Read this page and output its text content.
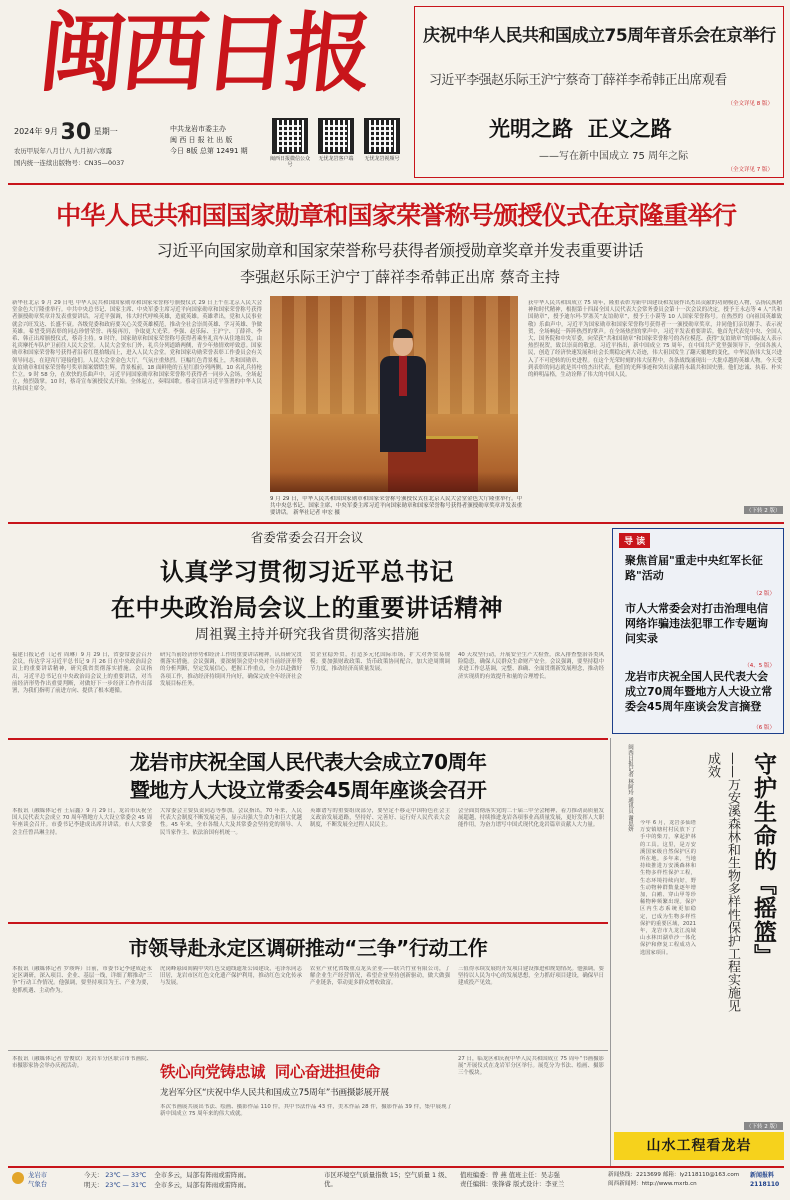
闽西日报
2024年 9月 30 星期一
农历甲辰年八月廿八 九月初六寒露
国内统一连续出版物号：CN35—0037
中共龙岩市委主办
闽 西 日 报 社 出 版
今日 8版 总第 12491 期
闽西日报微信公众号
无忧龙岩客户端	无忧龙岩视频号
庆祝中华人民共和国成立75周年音乐会在京举行
习近平李强赵乐际王沪宁蔡奇丁薛祥李希韩正出席观看
（全文详见 8 版）
光明之路  正义之路
——写在新中国成立 75 周年之际
（全文详见 7 版）
中华人民共和国国家勋章和国家荣誉称号颁授仪式在京隆重举行
习近平向国家勋章和国家荣誉称号获得者颁授勋章奖章并发表重要讲话
李强赵乐际王沪宁丁薛祥李希韩正出席 蔡奇主持
新华社北京 9 月 29 日电 中华人民共和国国家勋章和国家荣誉称号颁授仪式 29 日上午在北京人民大会堂金色大厅隆重举行。中共中央总书记、国家主席、中央军委主席习近平向国家勋章和国家荣誉称号获得者颁授勋章奖章并发表重要讲话。习近平强调，伟大时代呼唤英雄，造就英雄。英雄辈出，党和人民事业就会兴旺发达、长盛不衰。各级党委和政府要关心关爱英雄模范，推动全社会崇尚英雄、学习英雄、争做英雄。希望受到表彰的同志珍惜荣誉、再接再厉，争取更大光荣。李强、赵乐际、王沪宁、丁薛祥、李希、韩正出席颁授仪式，蔡奇主持。9 时许，国家勋章和国家荣誉称号获得者乘坐礼宾车从住地出发，由礼宾摩托车队护卫前往人民大会堂。人民大会堂东门外，礼兵分列道路两侧，青少年热情欢呼致意。国家勋章和国家荣誉称号获得者沿着红毯拾级而上，进入人民大会堂。党和国家功勋荣誉表彰工作委员会有关领导同志，在迎宾厅迎接他们。人民大会堂金色大厅，气氛庄重热烈。巨幅红色背景板上，共和国勋章、友谊勋章和国家荣誉称号奖章图案熠熠生辉。背景板前，18 面鲜艳的五星红旗分列两侧。10 名礼兵持枪伫立。9 时 58 分，在欢快的乐曲声中，习近平同国家勋章和国家荣誉称号获得者一同步入会场，全场起立，热烈鼓掌。10 时，蔡奇宣布颁授仪式开始。全体起立，奏唱国歌。蔡奇宣读习近平签署的中华人民共和国主席令。
9 月 29 日，中华人民共和国国家勋章和国家荣誉称号颁授仪式在北京人民大会堂金色大厅隆重举行。中共中央总书记、国家主席、中央军委主席习近平向国家勋章和国家荣誉称号获得者颁授勋章奖章并发表重要讲话。 新华社记者 申宏 摄
获中华人民共和国成立 75 周年，隆重表彰为新中国建设和发展作出杰出贡献的功勋模范人物，弘扬民族精神和时代精神，根据第十四届全国人民代表大会常务委员会第十一次会议的决定，授予王永志等 4 人“共和国勋章”，授予迪尔玛·罗塞芙“友谊勋章”，授予王小谟等 10 人国家荣誉称号。在热烈的《向祖国英雄致敬》乐曲声中，习近平为国家勋章和国家荣誉称号获得者一一颁授勋章奖章，并同他们亲切握手、表示祝贺，全场响起一阵阵热烈的掌声。在全场热烈的掌声中，习近平发表重要讲话。他首先代表党中央、全国人大、国务院和中央军委，向荣获“共和国勋章”和国家荣誉称号的各位模范、获得“友谊勋章”的国际友人表示热烈祝贺，致以崇高的敬意。习近平指出，新中国成立 75 周年，在中国共产党坚强领导下，全国各族人民，创造了经济快速发展和社会长期稳定两大奇迹，伟大祖国发生了翻天覆地的变化，中华民族伟大复兴进入了不可逆转的历史进程。在这个光荣时刻的伟大征程中，各条战线涌现出一大批卓越的英雄人物。今天受到表彰的同志就是其中的杰出代表，他们的光辉事迹和突出贡献将永载共和国史册。他们忠诚、执着、朴实的鲜明品格，生动诠释了伟大的中国人民。
（下转 2 版）
省委常委会召开会议
认真学习贯彻习近平总书记
在中央政治局会议上的重要讲话精神
周祖翼主持并研究我省贯彻落实措施
福建日报记者（记者 周琳）9 月 29 日，省委常委会召开会议，传达学习习近平总书记 9 月 26 日在中央政治局会议上的重要讲话精神，研究我省贯彻落实措施。会议指出，习近平总书记在中央政治局会议上的重要讲话，对当前经济形势作出重要判断，对做好下一步经济工作作出部署，为我们指明了前进方向、提供了根本遵循。
研究当前经济形势和经济工作的重要讲话精神，认真研究贯彻落实措施。会议强调，要深刻领会党中央对当前经济形势的分析判断，坚定发展信心，把握工作重点，全力以赴做好各项工作，推动经济持续回升向好，确保完成全年经济社会发展目标任务。
贸企业稳外贸，打造多元化国际市场，扩大对外贸易规模；要加强财政政策、货币政策协同配合，加大逆周期调节力度，推动经济高质量发展。
40 天攻坚行动，开展安全生产大检查，深入排查整治各类风险隐患，确保人民群众生命财产安全。会议强调，要坚持稳中求进工作总基调，完整、准确、全面贯彻新发展理念，推动经济实现质的有效提升和量的合理增长。
导 读
聚焦首届"重走中央红军长征路"活动
（2 版）
市人大常委会对打击治理电信网络诈骗违法犯罪工作专题询问实录
（4、5 版）
龙岩市庆祝全国人民代表大会成立70周年暨地方人大设立常委会45周年座谈会发言摘登
（6 版）
龙岩市庆祝全国人民代表大会成立70周年
暨地方人大设立常委会45周年座谈会召开
本报讯（融媒体记者 王启鑫）9 月 29 日，龙岩市庆祝全国人民代表大会成立 70 周年暨地方人大设立常委会 45 周年座谈会召开。市委书记李建成出席并讲话。市人大常委会主任曾昌琳主持。
大常委会主要负责同志等参加。会议指出，70 年来，人民代表大会制度不断发展完善，显示出强大生命力和巨大优越性。45 年来，全市各级人大及其常委会坚持党的领导、人民当家作主、依法治国有机统一。
英雄谱写的重要组成部分，要坚定不移走中国特色社会主义政治发展道路，坚持好、完善好、运行好人民代表大会制度，不断发展全过程人民民主。
会全面贯彻落实党的二十届三中全会精神，着力推动高质量发展超越，持续推进龙岩各项事业高质量发展，更好发挥人大职能作用，为奋力谱写中国式现代化龙岩篇章贡献人大力量。
市领导赴永定区调研推动“三争”行动工作
本报讯（融媒体记者 罗竣晖）日前，市委书记李建成赴永定区调研，深入项目、企业、基层一线，详细了解推动“三争”行动工作情况。他强调，要坚持项目为王、产业为要，抢抓机遇、主动作为。
虎岗峰悬园间隔中央红色交通线遗址公园建设，毛泽东同志旧居，龙岩市区红色文化遗产保护利用，推动红色文化传承与发展。
农业产业化省级重点龙头企业——联兴竹业有限公司，了解企业生产经营情况，希望企业坚持创新驱动，做大做强产业链条，带动更多群众增收致富。
三值得永续发展的开发项目建设推进和规划情况。他强调，要坚持以人民为中心的发展思想，全力抓好项目建设，确保早日建成投产见效。
本报讯（融媒体记者 曾俊钦）龙岩军分区联合市书画院、市摄影家协会举办庆祝活动。	铁心向党铸忠诚  同心奋进担使命
龙岩军分区“庆祝中华人民共和国成立75周年”书画摄影展开展
本次书画展共展出书法、绘画、摄影作品 110 件，其中书法作品 43 件，美术作品 28 件，摄影作品 39 件，集中展现了新中国成立 75 周年来的伟大成就。
27 日，临龙区和庆祝中华人民共和国成立 75 周年“书画摄影展”开展仪式在龙岩军分区举行。展览分为书法、绘画、摄影三个板块。
闽西日报记者 林阿玲 通讯员 谢思妍	守护生命的『摇篮』
——万安溪森林和生物多样性保护工程实施见成效
今年 6 月，龙岩多仙塔万安镇塘村村民放下了手中的柴刀，拿起护林的工具。这里，是万安溪国家级自然保护区的所在地。多年来，当地持续推进万安溪森林和生物多样性保护工程，生态环境持续向好，野生动物种群数量逐年增加，白鹇、穿山甲等珍稀物种频繁出现。保护区内生态系统更加稳定，已成为生物多样性保护的重要区域，2021 年，龙岩市九龙江流域山水林田湖草沙一体化保护和修复工程成功入选国家项目。
（下转 2 版）
山水工程看龙岩
龙岩市
气象台
今天： 23℃ — 33℃ 全市多云，局部有阵雨或雷阵雨。
明天： 23℃ — 31℃ 全市多云，局部有阵雨或雷阵雨。
市区环境空气质量指数 15；空气质量 1 级、优。
值班编委：曾 燕 值班主任：吴志强
责任编辑：张锋睿 版式设计：李亚兰
新闻热线：2213699 邮箱：ly2118110@163.com
闽西新闻网：http://www.mxrb.cn
新闻报料 2118110
